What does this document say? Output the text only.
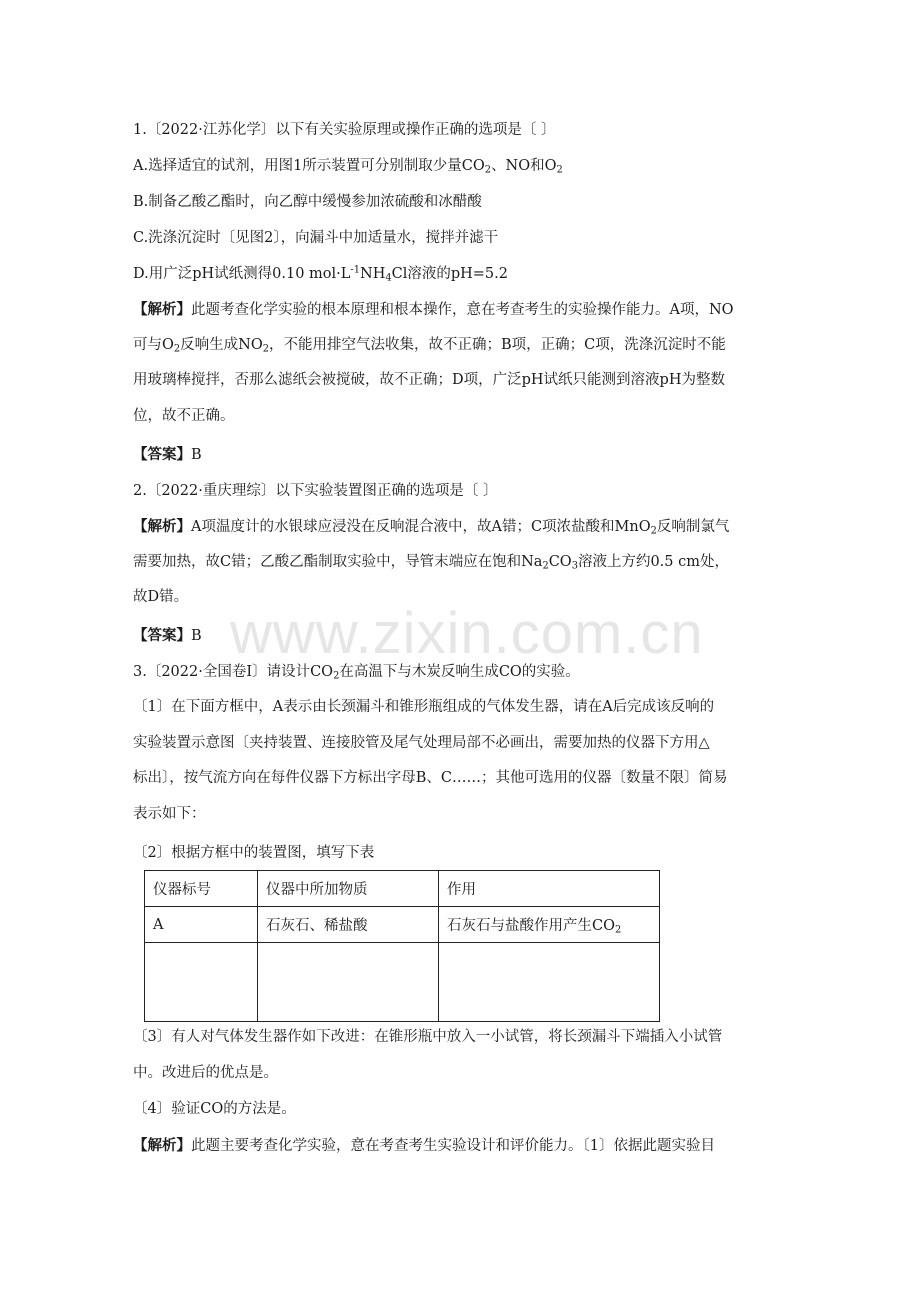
www.zixin.com.cn
1.〔2022·江苏化学〕以下有关实验原理或操作正确的选项是〔 〕
A.选择适宜的试剂，用图1所示装置可分别制取少量$CO_2$、NO和$O_2$
B.制备乙酸乙酯时，向乙醇中缓慢参加浓硫酸和冰醋酸
C.洗涤沉淀时〔见图2〕，向漏斗中加适量水，搅拌并滤干
D.用广泛pH试纸测得0.10 $mol\cdot L^{-1}NH_4Cl$溶液的pH=5.2
【解析】此题考查化学实验的根本原理和根本操作，意在考查考生的实验操作能力。A项，NO
可与$O_2$反响生成$NO_2$，不能用排空气法收集，故不正确；B项，正确；C项，洗涤沉淀时不能
用玻璃棒搅拌，否那么滤纸会被搅破，故不正确；D项，广泛pH试纸只能测到溶液pH为整数
位，故不正确。
【答案】B
2.〔2022·重庆理综〕以下实验装置图正确的选项是〔 〕
【解析】A项温度计的水银球应浸没在反响混合液中，故A错；C项浓盐酸和MnO$_2$反响制氯气
需要加热，故C错；乙酸乙酯制取实验中，导管末端应在饱和$Na_2CO_3$溶液上方约0.5 cm处，
故D错。
【答案】B
3.〔2022·全国卷Ⅰ〕请设计$CO_2$在高温下与木炭反响生成CO的实验。
〔1〕在下面方框中，A表示由长颈漏斗和锥形瓶组成的气体发生器，请在A后完成该反响的
实验装置示意图〔夹持装置、连接胶管及尾气处理局部不必画出，需要加热的仪器下方用△
标出〕，按气流方向在每件仪器下方标出字母B、C……；其他可选用的仪器〔数量不限〕简易
表示如下：
〔2〕根据方框中的装置图，填写下表
仪器标号	仪器中所加物质	作用
A	石灰石、稀盐酸	石灰石与盐酸作用产生$CO_2$

〔3〕有人对气体发生器作如下改进：在锥形瓶中放入一小试管，将长颈漏斗下端插入小试管
中。改进后的优点是。
〔4〕验证CO的方法是。
【解析】此题主要考查化学实验，意在考查考生实验设计和评价能力。〔1〕依据此题实验目
